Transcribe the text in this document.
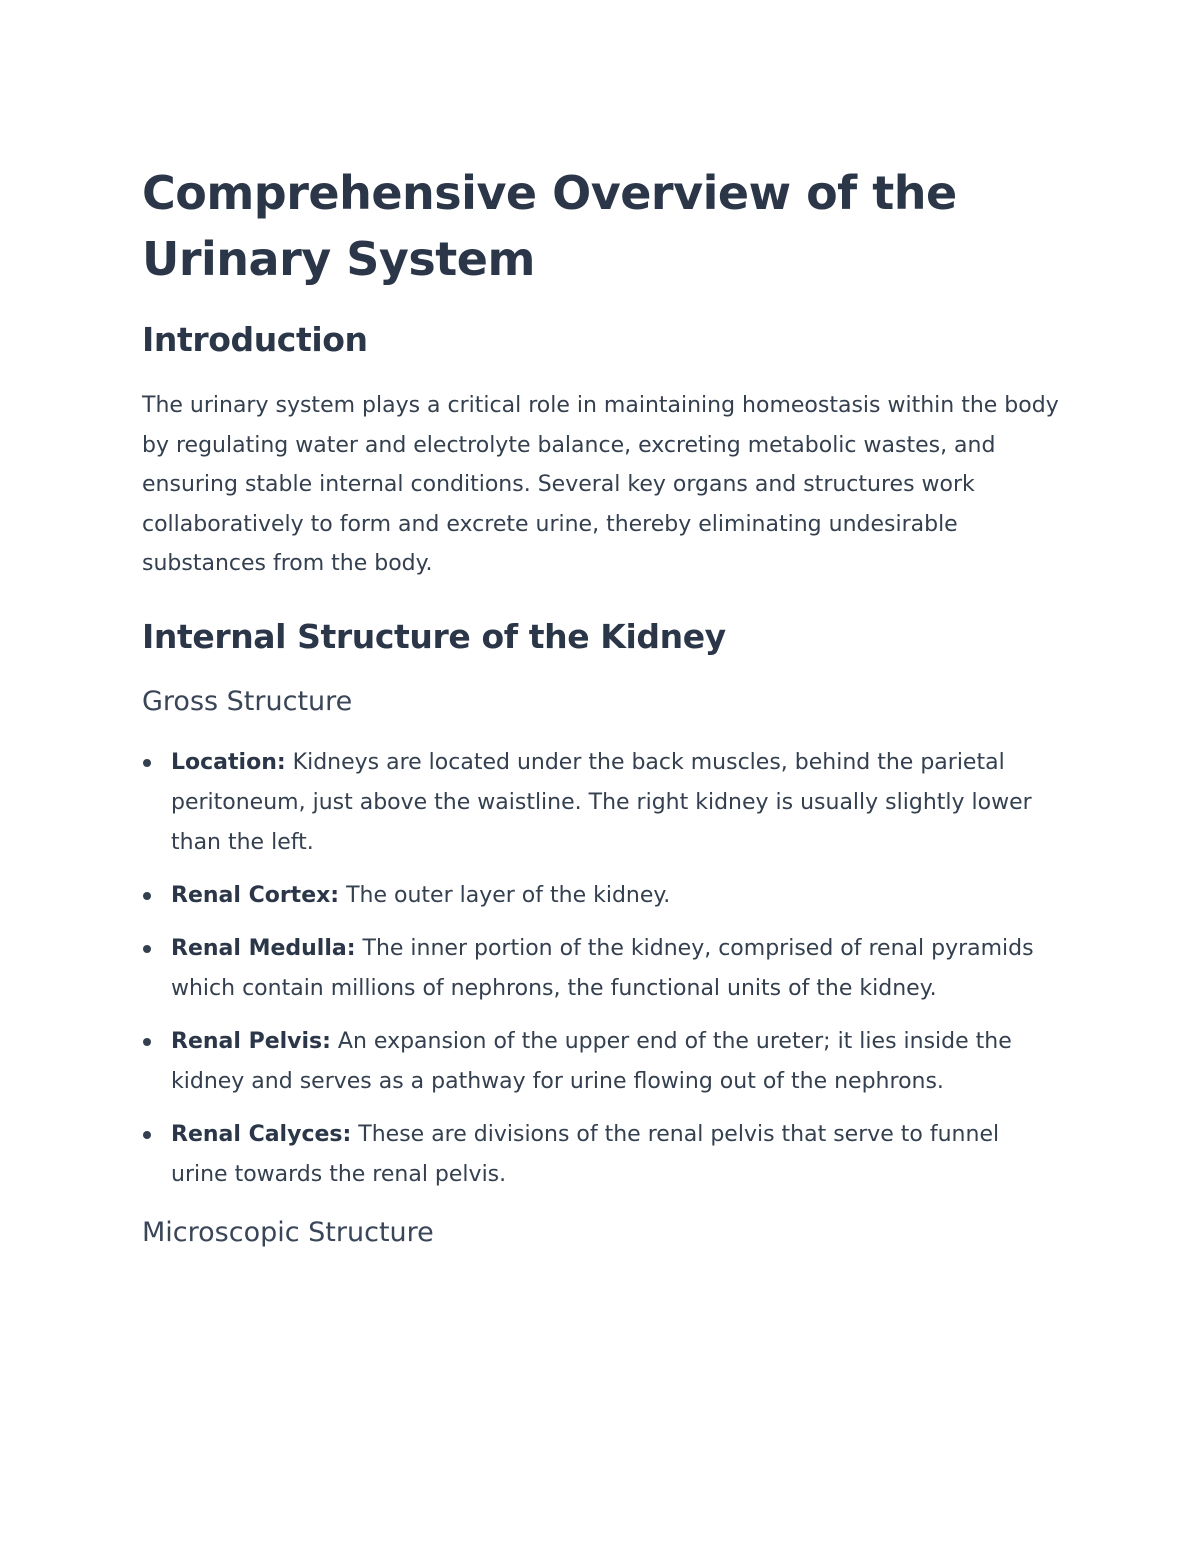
Comprehensive Overview of the Urinary System
Introduction

The urinary system plays a critical role in maintaining homeostasis within the body by regulating water and electrolyte balance, excreting metabolic wastes, and ensuring stable internal conditions. Several key organs and structures work collaboratively to form and excrete urine, thereby eliminating undesirable substances from the body.

Internal Structure of the Kidney
Gross Structure
Location: Kidneys are located under the back muscles, behind the parietal peritoneum, just above the waistline. The right kidney is usually slightly lower than the left.
Renal Cortex: The outer layer of the kidney.
Renal Medulla: The inner portion of the kidney, comprised of renal pyramids which contain millions of nephrons, the functional units of the kidney.
Renal Pelvis: An expansion of the upper end of the ureter; it lies inside the kidney and serves as a pathway for urine flowing out of the nephrons.
Renal Calyces: These are divisions of the renal pelvis that serve to funnel urine towards the renal pelvis.
Microscopic Structure
